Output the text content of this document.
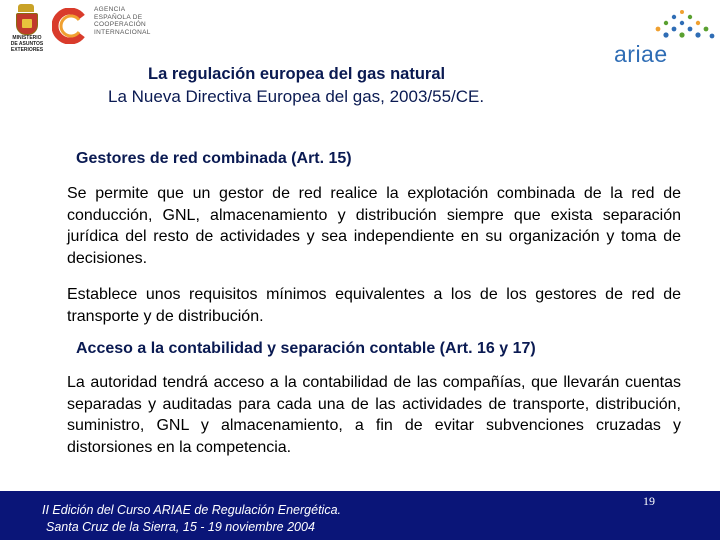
MINISTERIO
DE ASUNTOS
EXTERIORES
AGENCIA
ESPAÑOLA DE
COOPERACIÓN
INTERNACIONAL
ariae
La regulación europea del gas natural
La Nueva Directiva Europea del gas, 2003/55/CE.
Gestores de red combinada (Art. 15)
Se permite que un gestor de red realice la explotación combinada de la red de conducción, GNL, almacenamiento y distribución siempre que exista separación jurídica del resto de actividades y sea independiente en su organización y toma de decisiones.
Establece unos requisitos mínimos equivalentes a los de los gestores de red de transporte y de distribución.
Acceso a la contabilidad y separación contable (Art. 16 y 17)
La autoridad tendrá acceso a la contabilidad de las compañías, que llevarán cuentas separadas y auditadas para cada una de las actividades de transporte, distribución, suministro, GNL y almacenamiento, a fin de evitar subvenciones cruzadas y distorsiones en la competencia.
II Edición del Curso ARIAE de Regulación Energética.
Santa Cruz de la Sierra, 15 - 19 noviembre 2004
19
